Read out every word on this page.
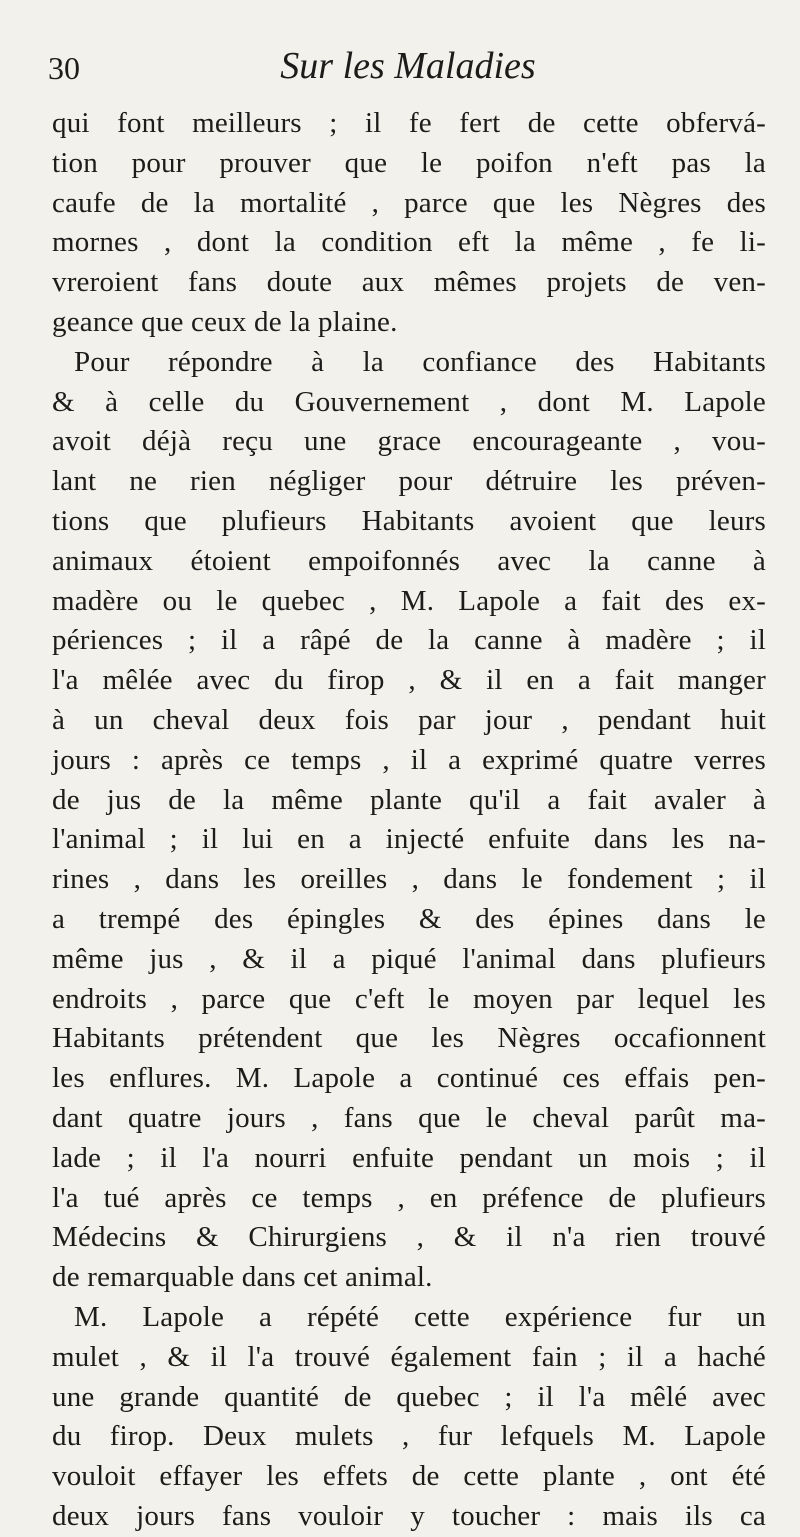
30	Sur les Maladies
qui font meilleurs ; il fe fert de cette obfervá-
tion pour prouver que le poifon n'eft pas la
caufe de la mortalité , parce que les Nègres des
mornes , dont la condition eft la même , fe li-
vreroient fans doute aux mêmes projets de ven-
geance que ceux de la plaine.
Pour répondre à la confiance des Habitants
& à celle du Gouvernement , dont M. Lapole
avoit déjà reçu une grace encourageante , vou-
lant ne rien négliger pour détruire les préven-
tions que plufieurs Habitants avoient que leurs
animaux étoient empoifonnés avec la canne à
madère ou le quebec , M. Lapole a fait des ex-
périences ; il a râpé de la canne à madère ; il
l'a mêlée avec du firop , & il en a fait manger
à un cheval deux fois par jour , pendant huit
jours : après ce temps , il a exprimé quatre verres
de jus de la même plante qu'il a fait avaler à
l'animal ; il lui en a injecté enfuite dans les na-
rines , dans les oreilles , dans le fondement ; il
a trempé des épingles & des épines dans le
même jus , & il a piqué l'animal dans plufieurs
endroits , parce que c'eft le moyen par lequel les
Habitants prétendent que les Nègres occafionnent
les enflures. M. Lapole a continué ces effais pen-
dant quatre jours , fans que le cheval parût ma-
lade ; il l'a nourri enfuite pendant un mois ; il
l'a tué après ce temps , en préfence de plufieurs
Médecins & Chirurgiens , & il n'a rien trouvé
de remarquable dans cet animal.
M. Lapole a répété cette expérience fur un
mulet , & il l'a trouvé également fain ; il a haché
une grande quantité de quebec ; il l'a mêlé avec
du firop. Deux mulets , fur lefquels M. Lapole
vouloit effayer les effets de cette plante , ont été
deux jours fans vouloir y toucher : mais ils ca
